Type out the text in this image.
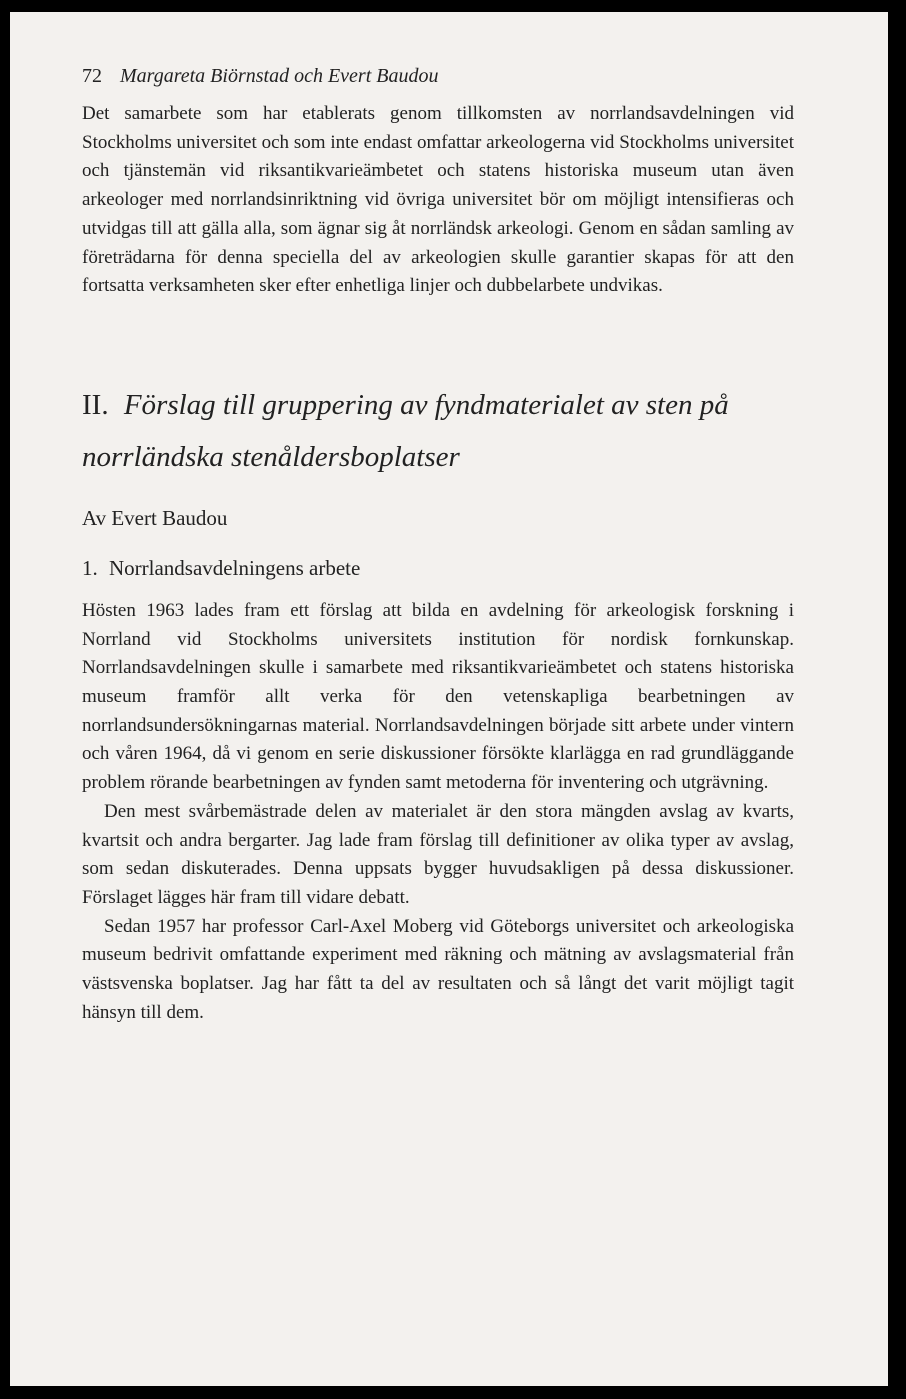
72 Margareta Biörnstad och Evert Baudou

Det samarbete som har etablerats genom tillkomsten av norrlandsavdelningen vid Stockholms universitet och som inte endast omfattar arkeologerna vid Stockholms universitet och tjänstemän vid riksantikvarieämbetet och statens historiska museum utan även arkeologer med norrlandsinriktning vid övriga universitet bör om möjligt intensifieras och utvidgas till att gälla alla, som ägnar sig åt norrländsk arkeologi. Genom en sådan samling av företrädarna för denna speciella del av arkeologien skulle garantier skapas för att den fortsatta verksamheten sker efter enhetliga linjer och dubbelarbete undvikas.

II. Förslag till gruppering av fyndmaterialet av sten på norrländska stenåldersboplatser
Av Evert Baudou
1. Norrlandsavdelningens arbete

Hösten 1963 lades fram ett förslag att bilda en avdelning för arkeologisk forskning i Norrland vid Stockholms universitets institution för nordisk fornkunskap. Norrlandsavdelningen skulle i samarbete med riksantikvarieämbetet och statens historiska museum framför allt verka för den vetenskapliga bearbetningen av norrlandsundersökningarnas material. Norrlandsavdelningen började sitt arbete under vintern och våren 1964, då vi genom en serie diskussioner försökte klarlägga en rad grundläggande problem rörande bearbetningen av fynden samt metoderna för inventering och utgrävning.

Den mest svårbemästrade delen av materialet är den stora mängden avslag av kvarts, kvartsit och andra bergarter. Jag lade fram förslag till definitioner av olika typer av avslag, som sedan diskuterades. Denna uppsats bygger huvudsakligen på dessa diskussioner. Förslaget lägges här fram till vidare debatt.

Sedan 1957 har professor Carl-Axel Moberg vid Göteborgs universitet och arkeologiska museum bedrivit omfattande experiment med räkning och mätning av avslagsmaterial från västsvenska boplatser. Jag har fått ta del av resultaten och så långt det varit möjligt tagit hänsyn till dem.
